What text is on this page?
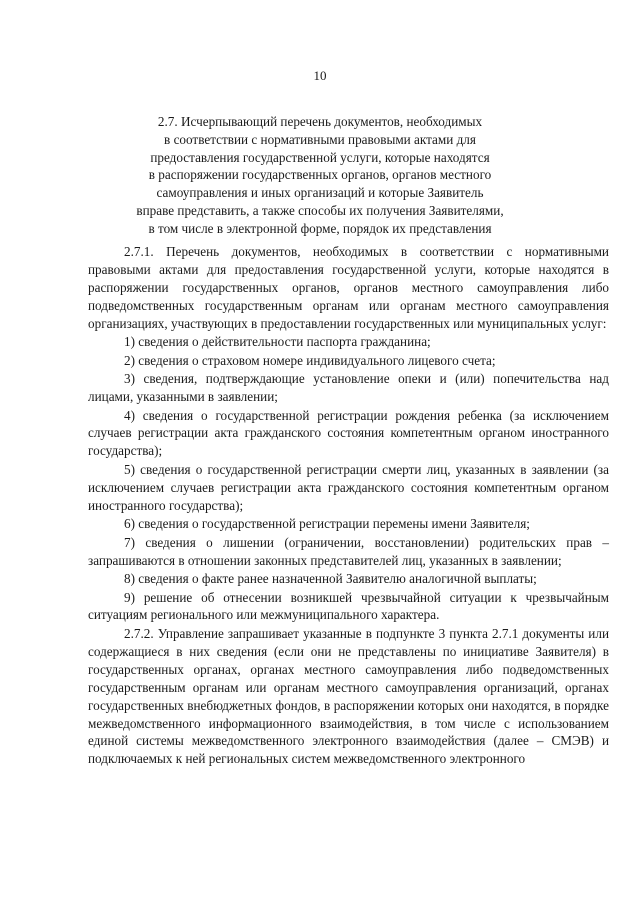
10
2.7. Исчерпывающий перечень документов, необходимых
в соответствии с нормативными правовыми актами для
предоставления государственной услуги, которые находятся
в распоряжении государственных органов, органов местного
самоуправления и иных организаций и которые Заявитель
вправе представить, а также способы их получения Заявителями,
в том числе в электронной форме, порядок их представления

2.7.1. Перечень документов, необходимых в соответствии с нормативными правовыми актами для предоставления государственной услуги, которые находятся в распоряжении государственных органов, органов местного самоуправления либо подведомственных государственным органам или органам местного самоуправления организациях, участвующих в предоставлении государственных или муниципальных услуг:

1) сведения о действительности паспорта гражданина;

2) сведения о страховом номере индивидуального лицевого счета;

3) сведения, подтверждающие установление опеки и (или) попечительства над лицами, указанными в заявлении;

4) сведения о государственной регистрации рождения ребенка (за исключением случаев регистрации акта гражданского состояния компетентным органом иностранного государства);

5) сведения о государственной регистрации смерти лиц, указанных в заявлении (за исключением случаев регистрации акта гражданского состояния компетентным органом иностранного государства);

6) сведения о государственной регистрации перемены имени Заявителя;

7) сведения о лишении (ограничении, восстановлении) родительских прав – запрашиваются в отношении законных представителей лиц, указанных в заявлении;

8) сведения о факте ранее назначенной Заявителю аналогичной выплаты;

9) решение об отнесении возникшей чрезвычайной ситуации к чрезвычайным ситуациям регионального или межмуниципального характера.

2.7.2. Управление запрашивает указанные в подпункте 3 пункта 2.7.1 документы или содержащиеся в них сведения (если они не представлены по инициативе Заявителя) в государственных органах, органах местного самоуправления либо подведомственных государственным органам или органам местного самоуправления организаций, органах государственных внебюджетных фондов, в распоряжении которых они находятся, в порядке межведомственного информационного взаимодействия, в том числе с использованием единой системы межведомственного электронного взаимодействия (далее – СМЭВ) и подключаемых к ней региональных систем межведомственного электронного
